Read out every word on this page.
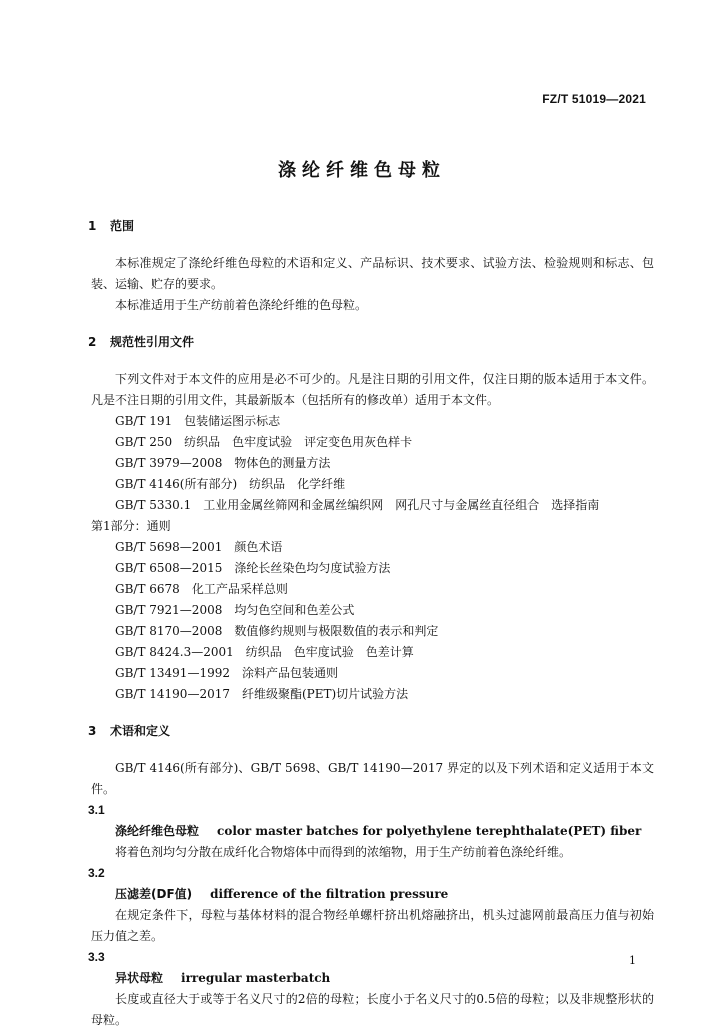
FZ/T 51019—2021
涤纶纤维色母粒
1 范围
本标准规定了涤纶纤维色母粒的术语和定义、产品标识、技术要求、试验方法、检验规则和标志、包装、运输、贮存的要求。
本标准适用于生产纺前着色涤纶纤维的色母粒。
2 规范性引用文件
下列文件对于本文件的应用是必不可少的。凡是注日期的引用文件，仅注日期的版本适用于本文件。凡是不注日期的引用文件，其最新版本（包括所有的修改单）适用于本文件。
GB/T 191 包装储运图示标志
GB/T 250 纺织品　色牢度试验　评定变色用灰色样卡
GB/T 3979—2008 物体色的测量方法
GB/T 4146(所有部分) 纺织品　化学纤维
GB/T 5330.1 工业用金属丝筛网和金属丝编织网　网孔尺寸与金属丝直径组合　选择指南
第1部分：通则
GB/T 5698—2001 颜色术语
GB/T 6508—2015 涤纶长丝染色均匀度试验方法
GB/T 6678 化工产品采样总则
GB/T 7921—2008 均匀色空间和色差公式
GB/T 8170—2008 数值修约规则与极限数值的表示和判定
GB/T 8424.3—2001 纺织品　色牢度试验　色差计算
GB/T 13491—1992 涂料产品包装通则
GB/T 14190—2017 纤维级聚酯(PET)切片试验方法
3 术语和定义
GB/T 4146(所有部分)、GB/T 5698、GB/T 14190—2017 界定的以及下列术语和定义适用于本文件。
3.1
涤纶纤维色母粒 color master batches for polyethylene terephthalate(PET) fiber
将着色剂均匀分散在成纤化合物熔体中而得到的浓缩物，用于生产纺前着色涤纶纤维。
3.2
压滤差(DF值) difference of the filtration pressure
在规定条件下，母粒与基体材料的混合物经单螺杆挤出机熔融挤出，机头过滤网前最高压力值与初始压力值之差。
3.3
异状母粒 irregular masterbatch
长度或直径大于或等于名义尺寸的2倍的母粒；长度小于名义尺寸的0.5倍的母粒；以及非规整形状的母粒。
1
